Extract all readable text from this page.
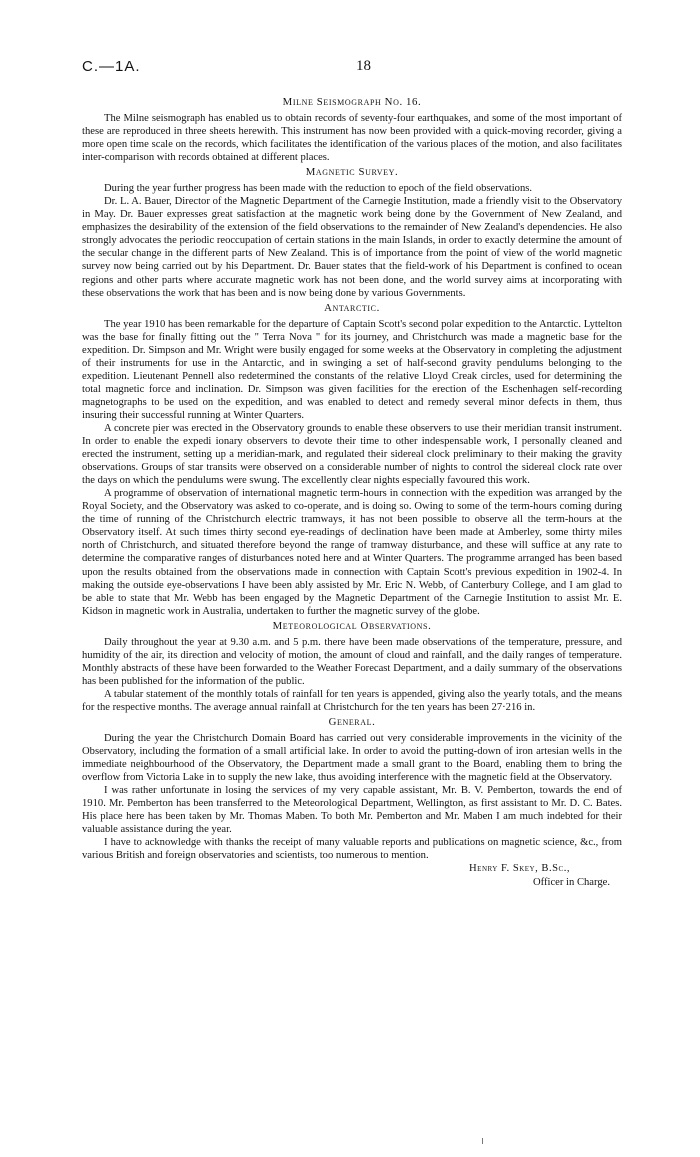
C.—1A.	18
Milne Seismograph No. 16.

The Milne seismograph has enabled us to obtain records of seventy-four earthquakes, and some of the most important of these are reproduced in three sheets herewith. This instrument has now been provided with a quick-moving recorder, giving a more open time scale on the records, which facilitates the identification of the various places of the motion, and also facilitates inter-comparison with records obtained at different places.

Magnetic Survey.

During the year further progress has been made with the reduction to epoch of the field observations.

Dr. L. A. Bauer, Director of the Magnetic Department of the Carnegie Institution, made a friendly visit to the Observatory in May. Dr. Bauer expresses great satisfaction at the magnetic work being done by the Government of New Zealand, and emphasizes the desirability of the extension of the field observations to the remainder of New Zealand's dependencies. He also strongly advocates the periodic reoccupation of certain stations in the main Islands, in order to exactly determine the amount of the secular change in the different parts of New Zealand. This is of importance from the point of view of the world magnetic survey now being carried out by his Department. Dr. Bauer states that the field-work of his Department is confined to ocean regions and other parts where accurate magnetic work has not been done, and the world survey aims at incorporating with these observations the work that has been and is now being done by various Governments.

Antarctic.

The year 1910 has been remarkable for the departure of Captain Scott's second polar expedition to the Antarctic. Lyttelton was the base for finally fitting out the " Terra Nova " for its journey, and Christchurch was made a magnetic base for the expedition. Dr. Simpson and Mr. Wright were busily engaged for some weeks at the Observatory in completing the adjustment of their instruments for use in the Antarctic, and in swinging a set of half-second gravity pendulums belonging to the expedition. Lieutenant Pennell also redetermined the constants of the relative Lloyd Creak circles, used for determining the total magnetic force and inclination. Dr. Simpson was given facilities for the erection of the Eschenhagen self-recording magnetographs to be used on the expedition, and was enabled to detect and remedy several minor defects in them, thus insuring their successful running at Winter Quarters.

A concrete pier was erected in the Observatory grounds to enable these observers to use their meridian transit instrument. In order to enable the expedi ionary observers to devote their time to other indespensable work, I personally cleaned and erected the instrument, setting up a meridian-mark, and regulated their sidereal clock preliminary to their making the gravity observations. Groups of star transits were observed on a considerable number of nights to control the sidereal clock rate over the days on which the pendulums were swung. The excellently clear nights especially favoured this work.

A programme of observation of international magnetic term-hours in connection with the expedition was arranged by the Royal Society, and the Observatory was asked to co-operate, and is doing so. Owing to some of the term-hours coming during the time of running of the Christchurch electric tramways, it has not been possible to observe all the term-hours at the Observatory itself. At such times thirty second eye-readings of declination have been made at Amberley, some thirty miles north of Christchurch, and situated therefore beyond the range of tramway disturbance, and these will suffice at any rate to determine the comparative ranges of disturbances noted here and at Winter Quarters. The programme arranged has been based upon the results obtained from the observations made in connection with Captain Scott's previous expedition in 1902-4. In making the outside eye-observations I have been ably assisted by Mr. Eric N. Webb, of Canterbury College, and I am glad to be able to state that Mr. Webb has been engaged by the Magnetic Department of the Carnegie Institution to assist Mr. E. Kidson in magnetic work in Australia, undertaken to further the magnetic survey of the globe.

Meteorological Observations.

Daily throughout the year at 9.30 a.m. and 5 p.m. there have been made observations of the temperature, pressure, and humidity of the air, its direction and velocity of motion, the amount of cloud and rainfall, and the daily ranges of temperature. Monthly abstracts of these have been forwarded to the Weather Forecast Department, and a daily summary of the observations has been published for the information of the public.

A tabular statement of the monthly totals of rainfall for ten years is appended, giving also the yearly totals, and the means for the respective months. The average annual rainfall at Christchurch for the ten years has been 27·216 in.

General.

During the year the Christchurch Domain Board has carried out very considerable improvements in the vicinity of the Observatory, including the formation of a small artificial lake. In order to avoid the putting-down of iron artesian wells in the immediate neighbourhood of the Observatory, the Department made a small grant to the Board, enabling them to bring the overflow from Victoria Lake in to supply the new lake, thus avoiding interference with the magnetic field at the Observatory.

I was rather unfortunate in losing the services of my very capable assistant, Mr. B. V. Pemberton, towards the end of 1910. Mr. Pemberton has been transferred to the Meteorological Department, Wellington, as first assistant to Mr. D. C. Bates. His place here has been taken by Mr. Thomas Maben. To both Mr. Pemberton and Mr. Maben I am much indebted for their valuable assistance during the year.

I have to acknowledge with thanks the receipt of many valuable reports and publications on magnetic science, &c., from various British and foreign observatories and scientists, too numerous to mention.

Henry F. Skey, B.Sc.,
Officer in Charge.
